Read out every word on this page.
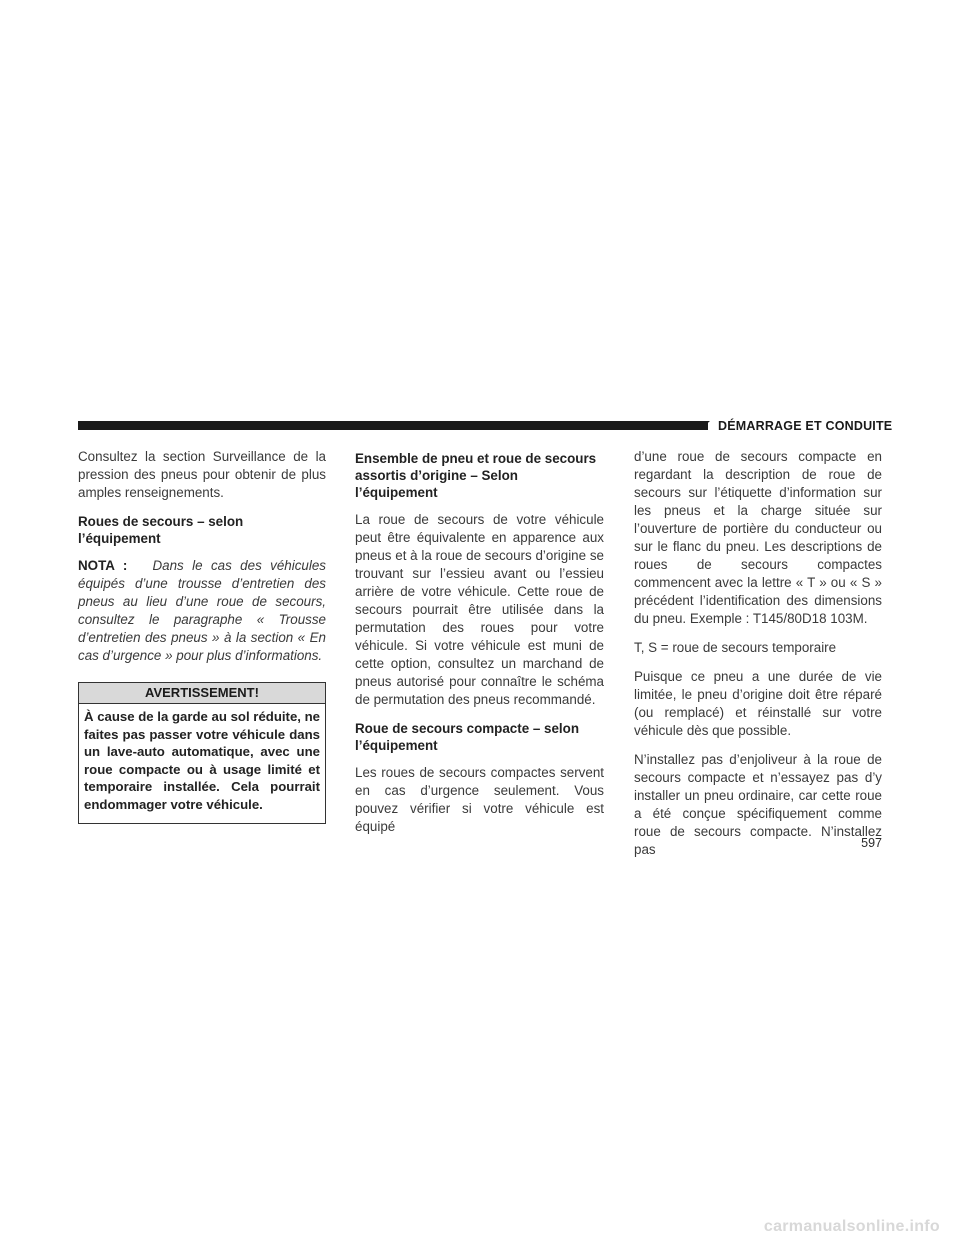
DÉMARRAGE ET CONDUITE

Consultez la section Surveillance de la pression des pneus pour obtenir de plus amples renseignements.

Roues de secours – selon l’équipement

NOTA : Dans le cas des véhicules équipés d’une trousse d’entretien des pneus au lieu d’une roue de secours, consultez le paragraphe « Trousse d’entretien des pneus » à la section « En cas d’urgence » pour plus d’informations.

AVERTISSEMENT!
À cause de la garde au sol réduite, ne faites pas passer votre véhicule dans un lave-auto automatique, avec une roue compacte ou à usage limité et temporaire installée. Cela pourrait endommager votre véhicule.
Ensemble de pneu et roue de secours assortis d’origine – Selon l’équipement

La roue de secours de votre véhicule peut être équivalente en apparence aux pneus et à la roue de secours d’origine se trouvant sur l’essieu avant ou l’essieu arrière de votre véhicule. Cette roue de secours pourrait être utilisée dans la permutation des roues pour votre véhicule. Si votre véhicule est muni de cette option, consultez un marchand de pneus autorisé pour connaître le schéma de permutation des pneus recommandé.

Roue de secours compacte – selon l’équipement

Les roues de secours compactes servent en cas d’urgence seulement. Vous pouvez vérifier si votre véhicule est équipé

d’une roue de secours compacte en regardant la description de roue de secours sur l’étiquette d’information sur les pneus et la charge située sur l’ouverture de portière du conducteur ou sur le flanc du pneu. Les descriptions de roues de secours compactes commencent avec la lettre « T » ou « S » précédent l’identification des dimensions du pneu. Exemple : T145/80D18 103M.

T, S = roue de secours temporaire

Puisque ce pneu a une durée de vie limitée, le pneu d’origine doit être réparé (ou remplacé) et réinstallé sur votre véhicule dès que possible.

N’installez pas d’enjoliveur à la roue de secours compacte et n’essayez pas d’y installer un pneu ordinaire, car cette roue a été conçue spécifiquement comme roue de secours compacte. N’installez pas	597
carmanualsonline.info
